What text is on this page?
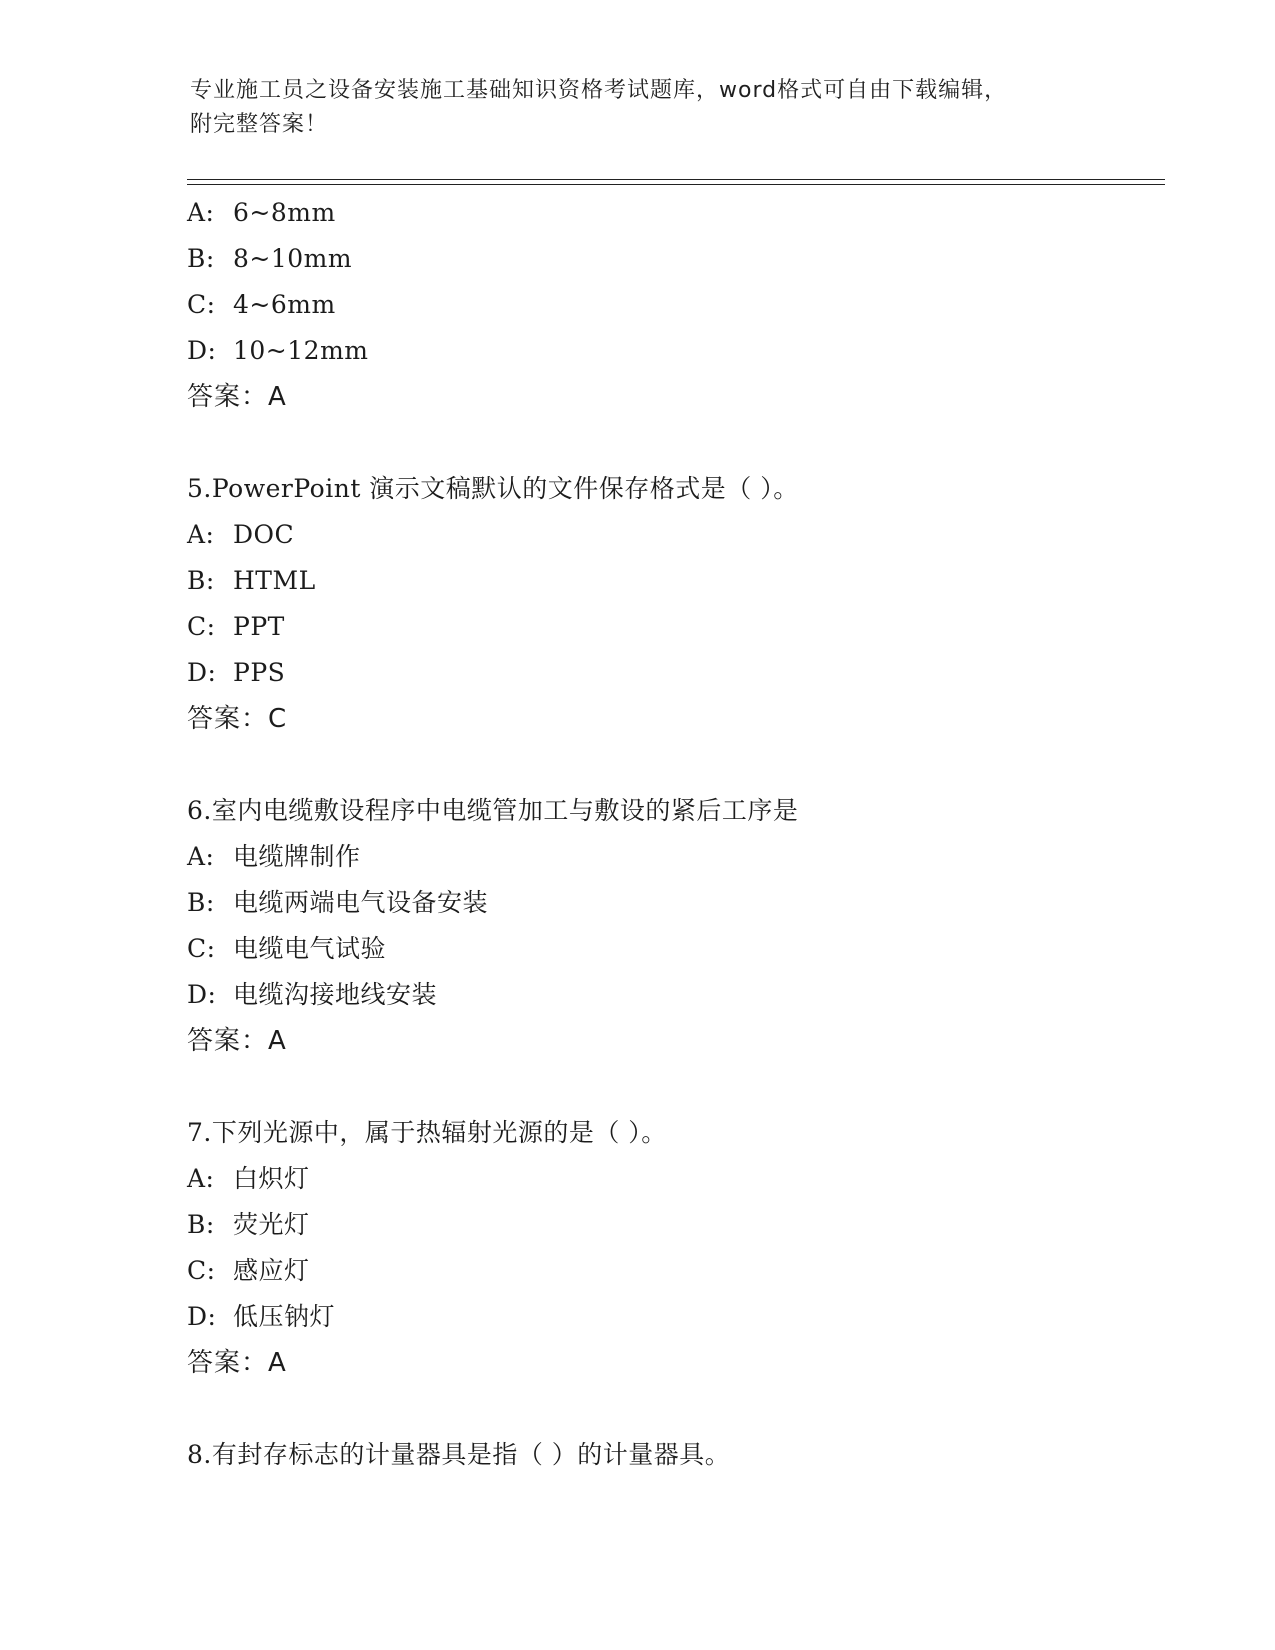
专业施工员之设备安装施工基础知识资格考试题库，word格式可自由下载编辑，
附完整答案！
A: 6~8mm
B: 8~10mm
C: 4~6mm
D: 10~12mm
答案：A
5.PowerPoint 演示文稿默认的文件保存格式是（ ）。
A: DOC
B: HTML
C: PPT
D: PPS
答案：C
6.室内电缆敷设程序中电缆管加工与敷设的紧后工序是
A: 电缆牌制作
B: 电缆两端电气设备安装
C: 电缆电气试验
D: 电缆沟接地线安装
答案：A
7.下列光源中，属于热辐射光源的是（ ）。
A: 白炽灯
B: 荧光灯
C: 感应灯
D: 低压钠灯
答案：A
8.有封存标志的计量器具是指（ ）的计量器具。
